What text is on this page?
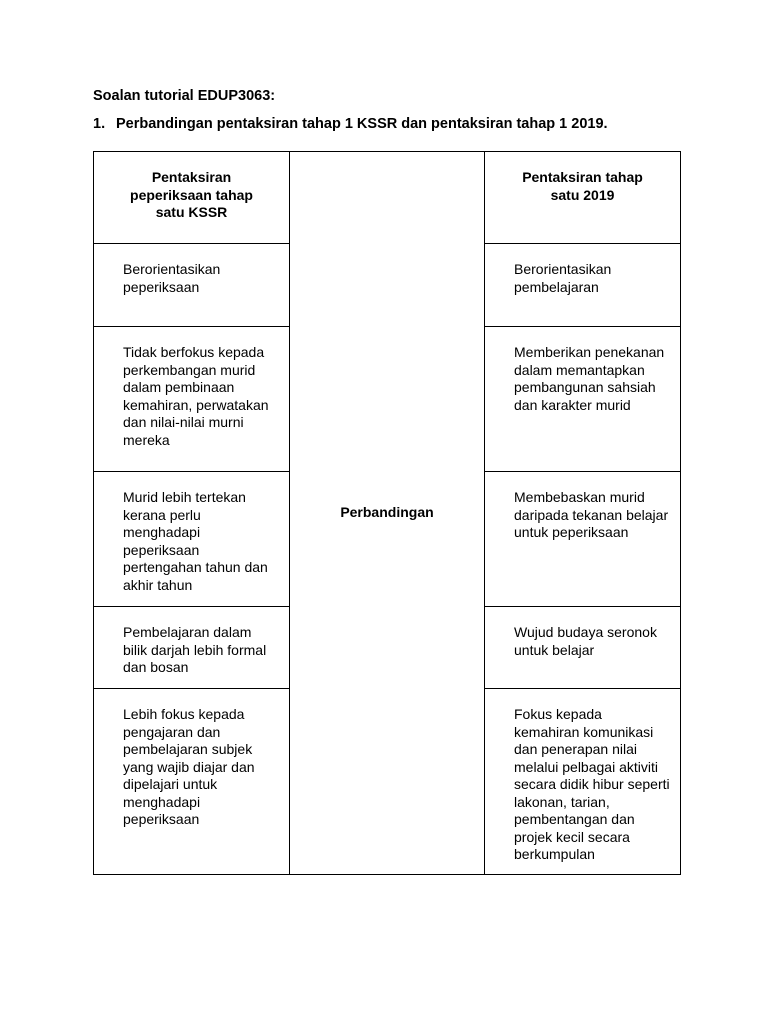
Soalan tutorial EDUP3063:

1. Perbandingan pentaksiran tahap 1 KSSR dan pentaksiran tahap 1 2019.

Pentaksiran peperiksaan tahap satu KSSR	Perbandingan	Pentaksiran tahap satu 2019

Berorientasikan peperiksaan		Berorientasikan pembelajaran

Tidak berfokus kepada perkembangan murid dalam pembinaan kemahiran, perwatakan dan nilai-nilai murni mereka		Memberikan penekanan dalam memantapkan pembangunan sahsiah dan karakter murid

Murid lebih tertekan kerana perlu menghadapi peperiksaan pertengahan tahun dan akhir tahun		Membebaskan murid daripada tekanan belajar untuk peperiksaan

Pembelajaran dalam bilik darjah lebih formal dan bosan		Wujud budaya seronok untuk belajar

Lebih fokus kepada pengajaran dan pembelajaran subjek yang wajib diajar dan dipelajari untuk menghadapi peperiksaan		Fokus kepada kemahiran komunikasi dan penerapan nilai melalui pelbagai aktiviti secara didik hibur seperti lakonan, tarian, pembentangan dan projek kecil secara berkumpulan
